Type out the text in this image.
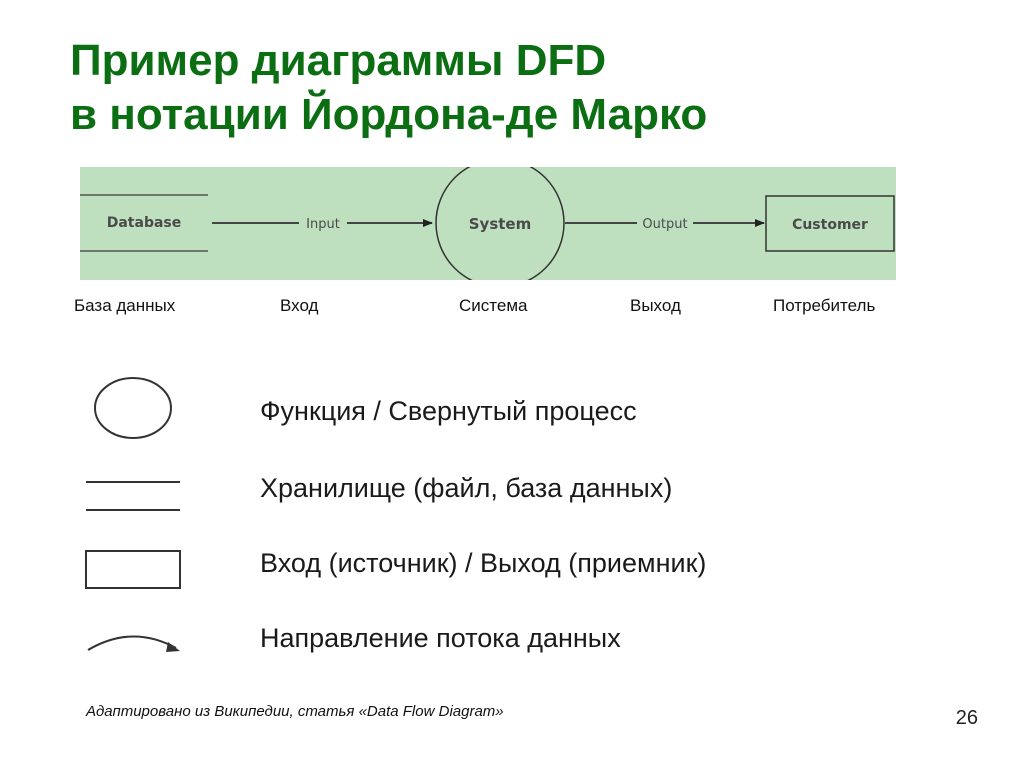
Пример диаграммы DFD
в нотации Йордона-де Марко
Database	Input	System	Output	Customer
База данных	Вход	Система	Выход	Потребитель
Функция / Свернутый процесс
Хранилище (файл, база данных)
Вход (источник) / Выход (приемник)
Направление потока данных
Адаптировано из Википедии, статья «Data Flow Diagram»	26
